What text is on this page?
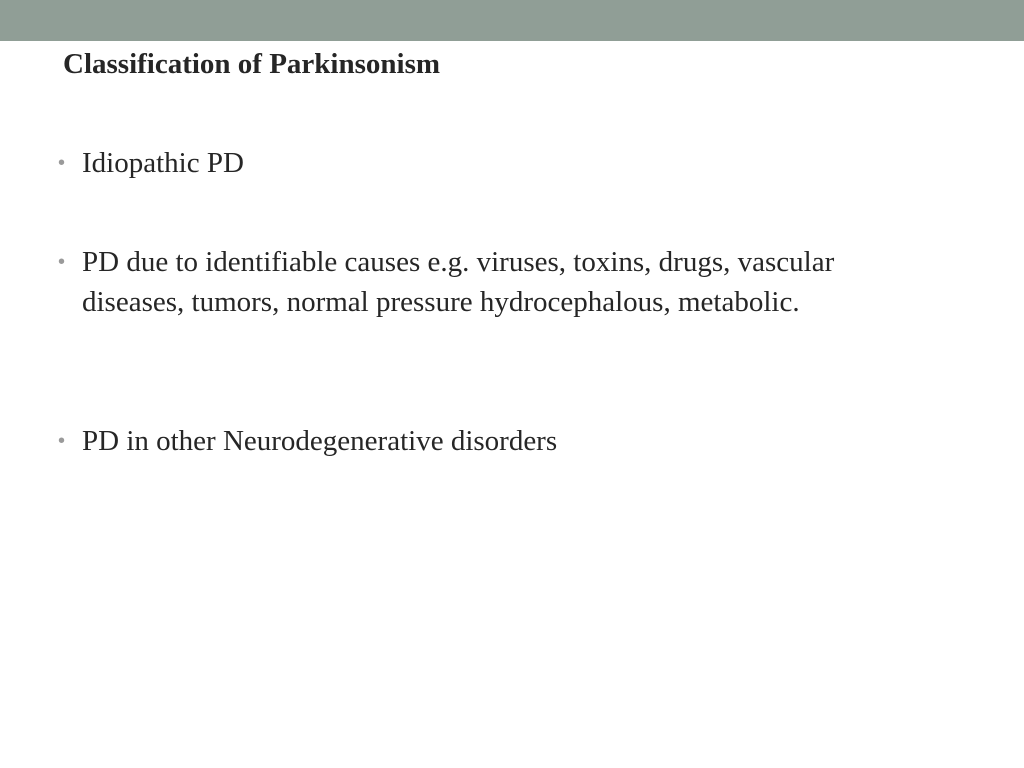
Classification of Parkinsonism
• Idiopathic PD
• PD due to identifiable causes e.g. viruses, toxins, drugs, vascular diseases, tumors, normal pressure hydrocephalous, metabolic.
• PD in other Neurodegenerative disorders
